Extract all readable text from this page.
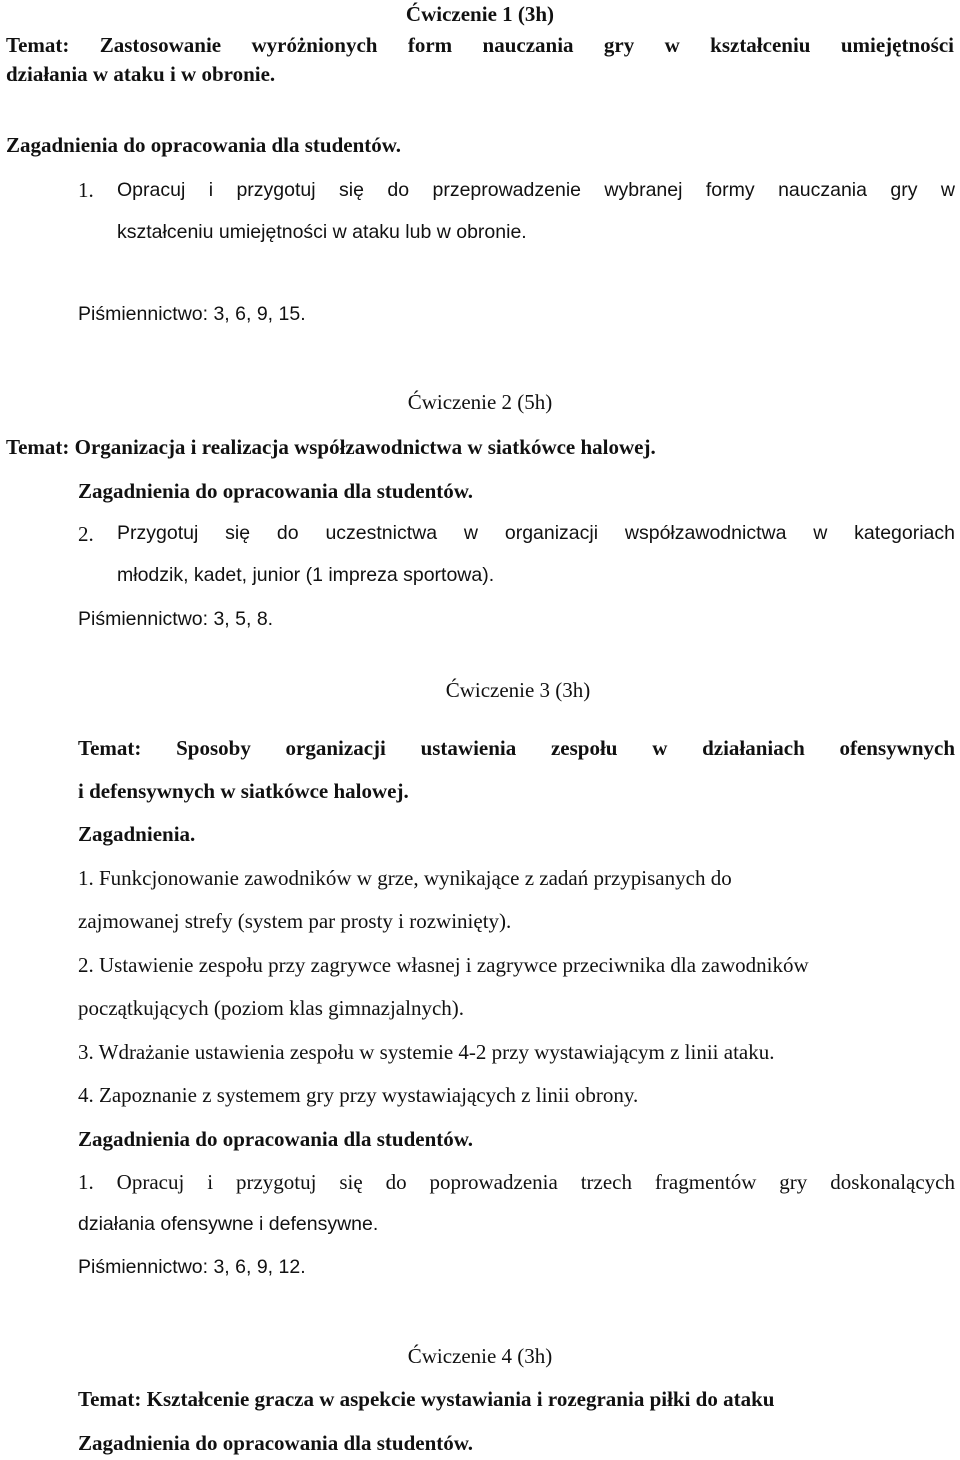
Ćwiczenie 1 (3h)
Temat: Zastosowanie wyróżnionych form nauczania gry w kształceniu umiejętności
działania w ataku i w obronie.
Zagadnienia do opracowania dla studentów.
1. Opracuj i przygotuj się do przeprowadzenie wybranej formy nauczania gry w
kształceniu umiejętności w ataku lub w obronie.
Piśmiennictwo: 3, 6, 9, 15.
Ćwiczenie 2 (5h)
Temat: Organizacja i realizacja współzawodnictwa w siatkówce halowej.
Zagadnienia do opracowania dla studentów.
2. Przygotuj się do uczestnictwa w organizacji współzawodnictwa w kategoriach
młodzik, kadet, junior (1 impreza sportowa).
Piśmiennictwo: 3, 5, 8.
Ćwiczenie 3 (3h)
Temat: Sposoby organizacji ustawienia zespołu w działaniach ofensywnych
i defensywnych w siatkówce halowej.
Zagadnienia.
1. Funkcjonowanie zawodników w grze, wynikające z zadań przypisanych do
zajmowanej strefy (system par prosty i rozwinięty).
2. Ustawienie zespołu przy zagrywce własnej i zagrywce przeciwnika dla zawodników
początkujących (poziom klas gimnazjalnych).
3. Wdrażanie ustawienia zespołu w systemie 4-2 przy wystawiającym z linii ataku.
4. Zapoznanie z systemem gry przy wystawiających z linii obrony.
Zagadnienia do opracowania dla studentów.
1. Opracuj i przygotuj się do poprowadzenia trzech fragmentów gry doskonalących
działania ofensywne i defensywne.
Piśmiennictwo: 3, 6, 9, 12.
Ćwiczenie 4 (3h)
Temat: Kształcenie gracza w aspekcie wystawiania i rozegrania piłki do ataku
Zagadnienia do opracowania dla studentów.
